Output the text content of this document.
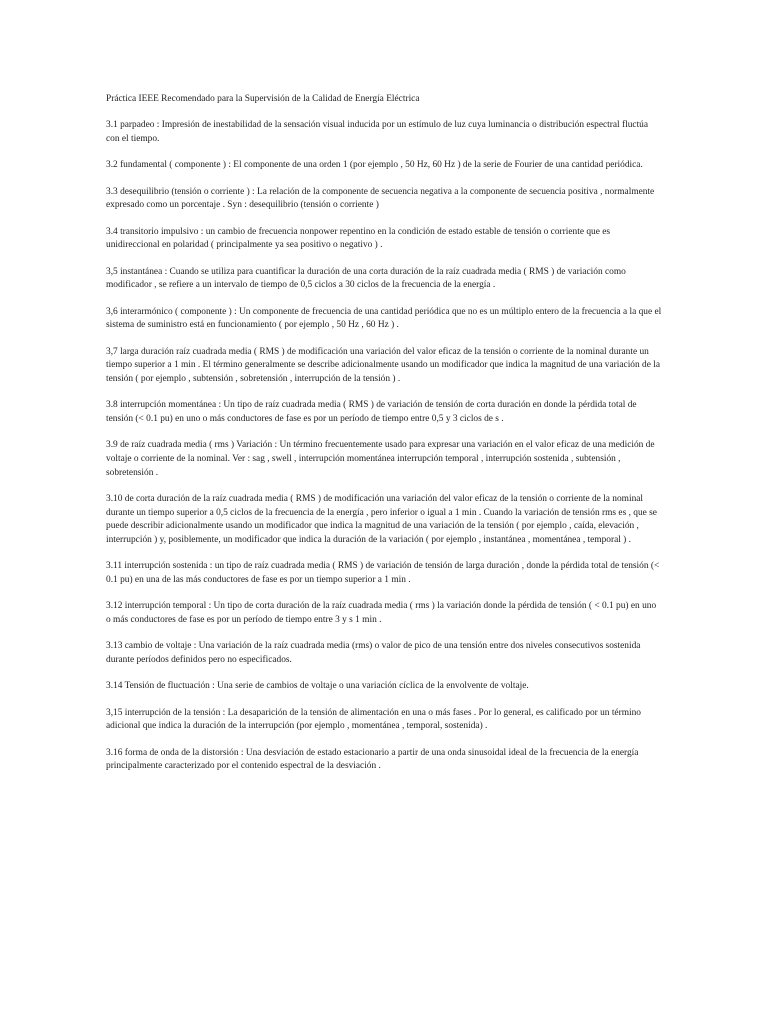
Práctica IEEE Recomendado para la Supervisión de la Calidad de Energía Eléctrica

3.1 parpadeo : Impresión de inestabilidad de la sensación visual inducida por un estímulo de luz cuya luminancia o distribución espectral fluctúa con el tiempo.

3.2 fundamental ( componente ) : El componente de una orden 1 (por ejemplo , 50 Hz, 60 Hz ) de la serie de Fourier de una cantidad periódica.

3.3 desequilibrio (tensión o corriente ) : La relación de la componente de secuencia negativa a la componente de secuencia positiva , normalmente expresado como un porcentaje . Syn : desequilibrio (tensión o corriente )

3.4 transitorio impulsivo : un cambio de frecuencia nonpower repentino en la condición de estado estable de tensión o corriente que es unidireccional en polaridad ( principalmente ya sea positivo o negativo ) .

3,5 instantánea : Cuando se utiliza para cuantificar la duración de una corta duración de la raíz cuadrada media ( RMS ) de variación como modificador , se refiere a un intervalo de tiempo de 0,5 ciclos a 30 ciclos de la frecuencia de la energía .

3,6 interarmónico ( componente ) : Un componente de frecuencia de una cantidad periódica que no es un múltiplo entero de la frecuencia a la que el sistema de suministro está en funcionamiento ( por ejemplo , 50 Hz , 60 Hz ) .

3,7 larga duración raíz cuadrada media ( RMS ) de modificación una variación del valor eficaz de la tensión o corriente de la nominal durante un tiempo superior a 1 min . El término generalmente se describe adicionalmente usando un modificador que indica la magnitud de una variación de la tensión ( por ejemplo , subtensión , sobretensión , interrupción de la tensión ) .

3.8 interrupción momentánea : Un tipo de raíz cuadrada media ( RMS ) de variación de tensión de corta duración en donde la pérdida total de tensión (< 0.1 pu) en uno o más conductores de fase es por un período de tiempo entre 0,5 y 3 ciclos de s .

3.9 de raíz cuadrada media ( rms ) Variación : Un término frecuentemente usado para expresar una variación en el valor eficaz de una medición de voltaje o corriente de la nominal. Ver : sag , swell , interrupción momentánea interrupción temporal , interrupción sostenida , subtensión , sobretensión .

3.10 de corta duración de la raíz cuadrada media ( RMS ) de modificación una variación del valor eficaz de la tensión o corriente de la nominal durante un tiempo superior a 0,5 ciclos de la frecuencia de la energía , pero inferior o igual a 1 min . Cuando la variación de tensión rms es , que se puede describir adicionalmente usando un modificador que indica la magnitud de una variación de la tensión ( por ejemplo , caída, elevación , interrupción ) y, posiblemente, un modificador que indica la duración de la variación ( por ejemplo , instantánea , momentánea , temporal ) .

3.11 interrupción sostenida : un tipo de raíz cuadrada media ( RMS ) de variación de tensión de larga duración , donde la pérdida total de tensión (< 0.1 pu) en una de las más conductores de fase es por un tiempo superior a 1 min .

3.12 interrupción temporal : Un tipo de corta duración de la raíz cuadrada media ( rms ) la variación donde la pérdida de tensión ( < 0.1 pu) en uno o más conductores de fase es por un período de tiempo entre 3 y s 1 min .

3.13 cambio de voltaje : Una variación de la raíz cuadrada media (rms) o valor de pico de una tensión entre dos niveles consecutivos sostenida durante períodos definidos pero no especificados.

3.14 Tensión de fluctuación : Una serie de cambios de voltaje o una variación cíclica de la envolvente de voltaje.

3,15 interrupción de la tensión : La desaparición de la tensión de alimentación en una o más fases . Por lo general, es calificado por un término adicional que indica la duración de la interrupción (por ejemplo , momentánea , temporal, sostenida) .

3.16 forma de onda de la distorsión : Una desviación de estado estacionario a partir de una onda sinusoidal ideal de la frecuencia de la energía principalmente caracterizado por el contenido espectral de la desviación .
